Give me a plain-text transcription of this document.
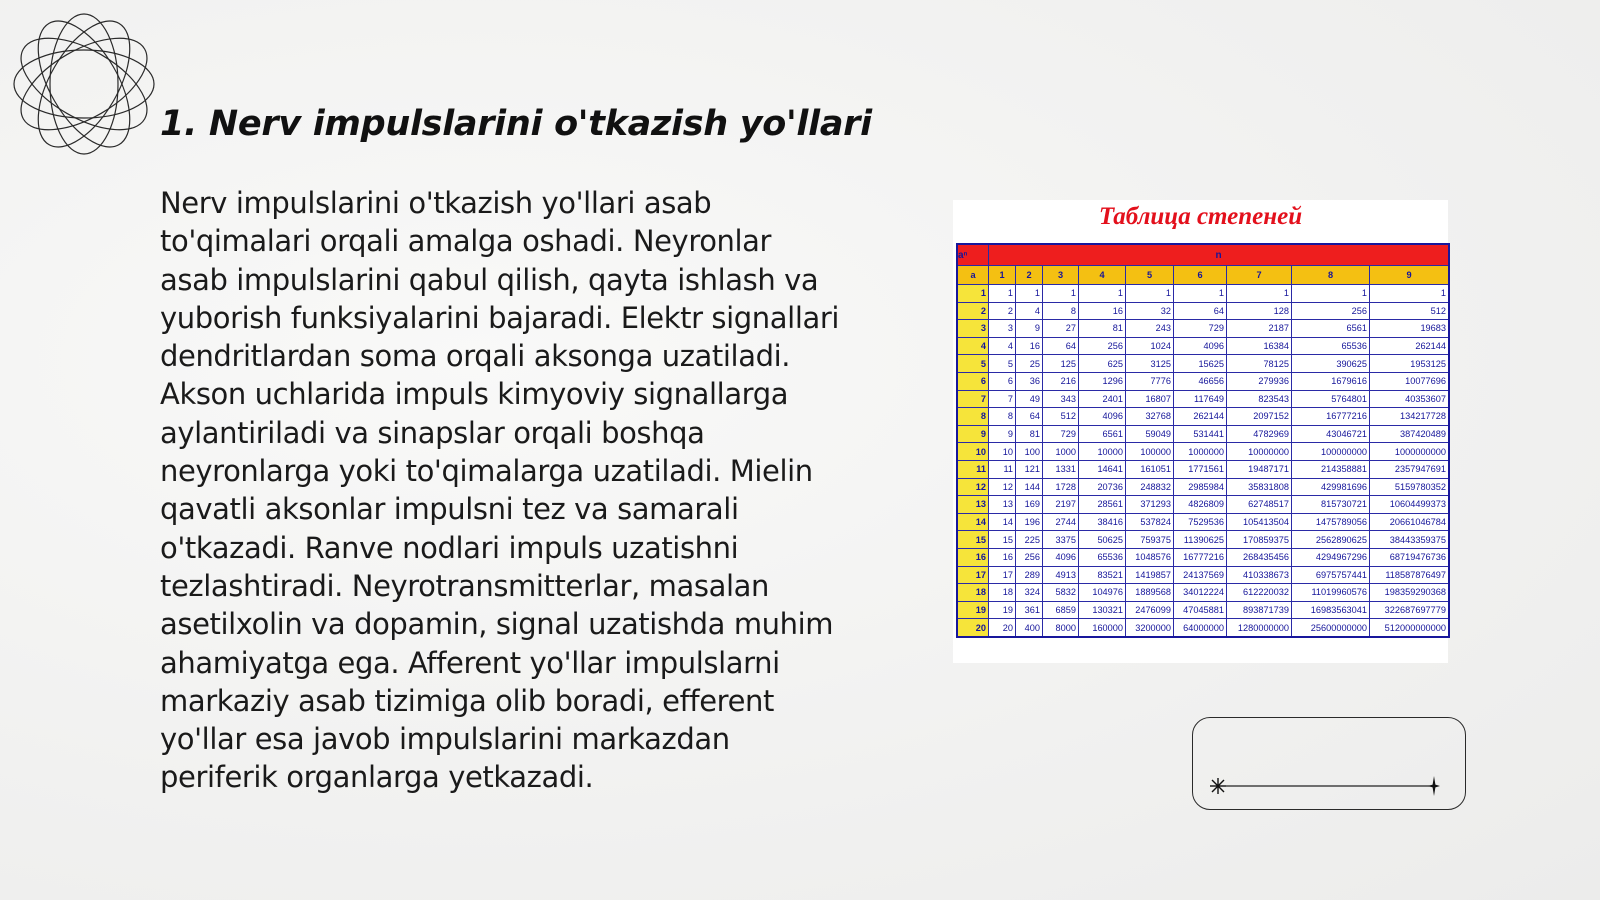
1. Nerv impulslarini o'tkazish yo'llari

Nerv impulslarini o'tkazish yo'llari asab to'qimalari orqali amalga oshadi. Neyronlar asab impulslarini qabul qilish, qayta ishlash va yuborish funksiyalarini bajaradi. Elektr signallari dendritlardan soma orqali aksonga uzatiladi. Akson uchlarida impuls kimyoviy signallarga aylantiriladi va sinapslar orqali boshqa neyronlarga yoki to'qimalarga uzatiladi. Mielin qavatli aksonlar impulsni tez va samarali o'tkazadi. Ranve nodlari impuls uzatishni tezlashtiradi. Neyrotransmitterlar, masalan asetilxolin va dopamin, signal uzatishda muhim ahamiyatga ega. Afferent yo'llar impulslarni markaziy asab tizimiga olib boradi, efferent yo'llar esa javob impulslarini markazdan periferik organlarga yetkazadi.

Таблица степеней
aⁿ	n								
a	1	2	3	4	5	6	7	8	9
1	1	1	1	1	1	1	1	1	1
2	2	4	8	16	32	64	128	256	512
3	3	9	27	81	243	729	2187	6561	19683
4	4	16	64	256	1024	4096	16384	65536	262144
5	5	25	125	625	3125	15625	78125	390625	1953125
6	6	36	216	1296	7776	46656	279936	1679616	10077696
7	7	49	343	2401	16807	117649	823543	5764801	40353607
8	8	64	512	4096	32768	262144	2097152	16777216	134217728
9	9	81	729	6561	59049	531441	4782969	43046721	387420489
10	10	100	1000	10000	100000	1000000	10000000	100000000	1000000000
11	11	121	1331	14641	161051	1771561	19487171	214358881	2357947691
12	12	144	1728	20736	248832	2985984	35831808	429981696	5159780352
13	13	169	2197	28561	371293	4826809	62748517	815730721	10604499373
14	14	196	2744	38416	537824	7529536	105413504	1475789056	20661046784
15	15	225	3375	50625	759375	11390625	170859375	2562890625	38443359375
16	16	256	4096	65536	1048576	16777216	268435456	4294967296	68719476736
17	17	289	4913	83521	1419857	24137569	410338673	6975757441	118587876497
18	18	324	5832	104976	1889568	34012224	612220032	11019960576	198359290368
19	19	361	6859	130321	2476099	47045881	893871739	16983563041	322687697779
20	20	400	8000	160000	3200000	64000000	1280000000	25600000000	512000000000
